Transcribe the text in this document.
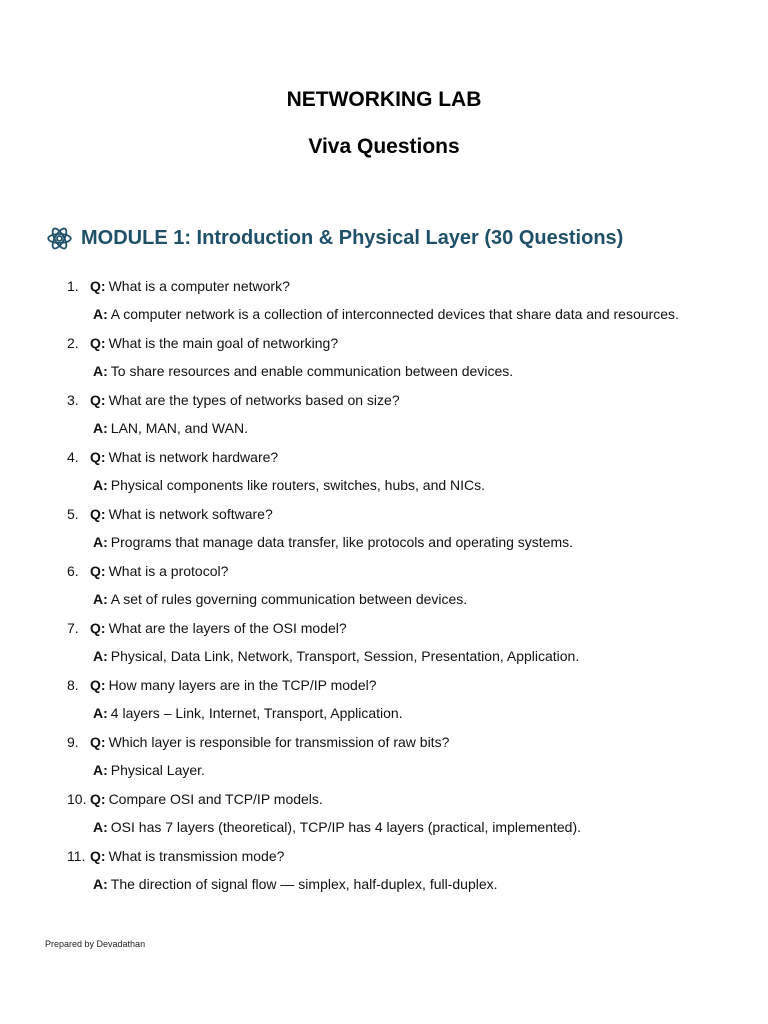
NETWORKING LAB
Viva Questions
MODULE 1: Introduction & Physical Layer (30 Questions)
1. Q: What is a computer network?
A: A computer network is a collection of interconnected devices that share data and resources.
2. Q: What is the main goal of networking?
A: To share resources and enable communication between devices.
3. Q: What are the types of networks based on size?
A: LAN, MAN, and WAN.
4. Q: What is network hardware?
A: Physical components like routers, switches, hubs, and NICs.
5. Q: What is network software?
A: Programs that manage data transfer, like protocols and operating systems.
6. Q: What is a protocol?
A: A set of rules governing communication between devices.
7. Q: What are the layers of the OSI model?
A: Physical, Data Link, Network, Transport, Session, Presentation, Application.
8. Q: How many layers are in the TCP/IP model?
A: 4 layers – Link, Internet, Transport, Application.
9. Q: Which layer is responsible for transmission of raw bits?
A: Physical Layer.
10. Q: Compare OSI and TCP/IP models.
A: OSI has 7 layers (theoretical), TCP/IP has 4 layers (practical, implemented).
11. Q: What is transmission mode?
A: The direction of signal flow — simplex, half-duplex, full-duplex.
Prepared by Devadathan
